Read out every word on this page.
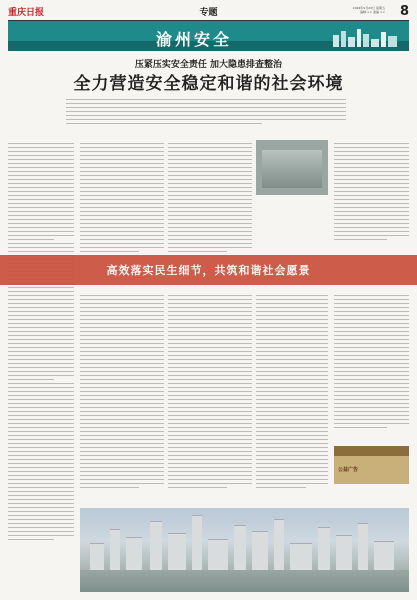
重庆日报	专题	2022年9月23日 星期五
编辑 ×× 美编 ×× 8
渝州安全
压紧压实安全责任 加大隐患排查整治
全力营造安全稳定和谐的社会环境
高效落实民生细节，共筑和谐社会愿景
公益广告
